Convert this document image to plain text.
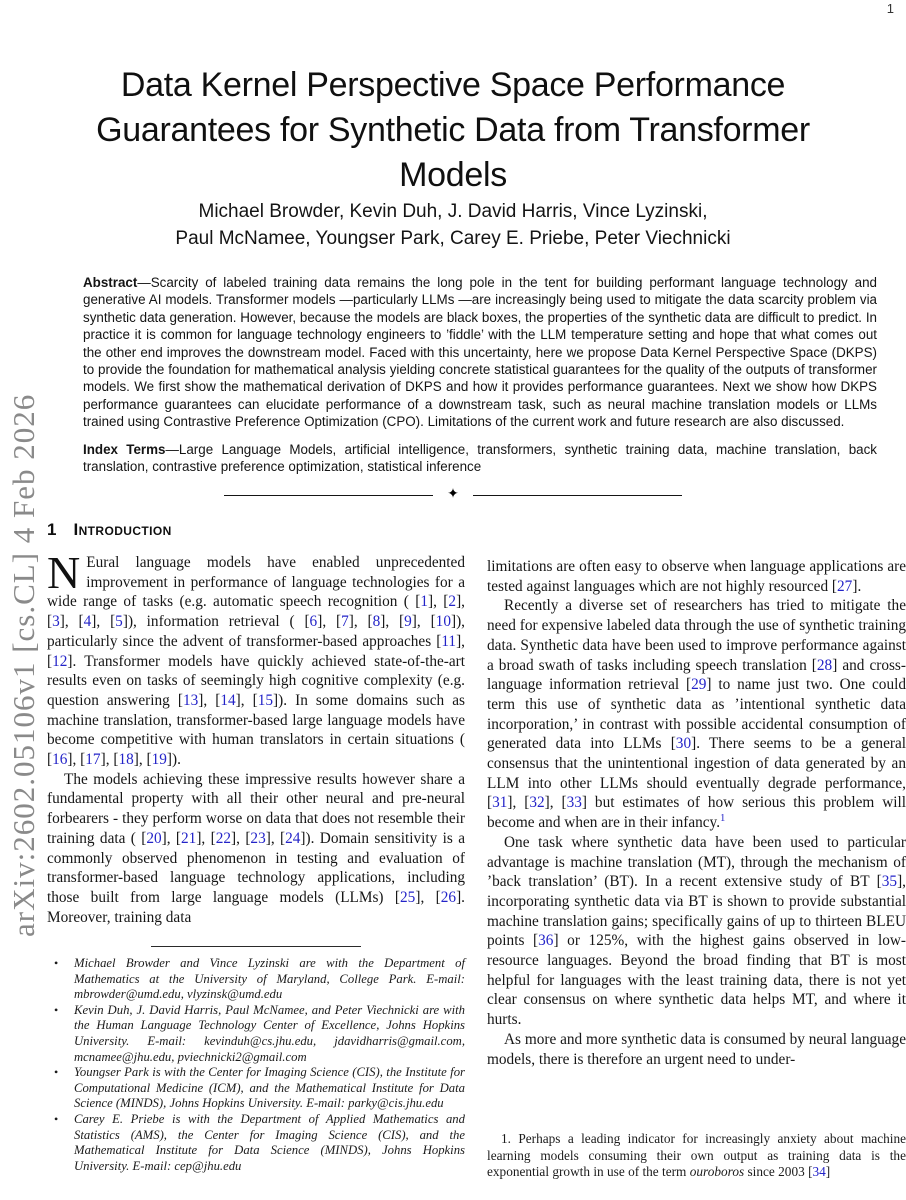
1
arXiv:2602.05106v1 [cs.CL] 4 Feb 2026
Data Kernel Perspective Space Performance Guarantees for Synthetic Data from Transformer Models
Michael Browder, Kevin Duh, J. David Harris, Vince Lyzinski,
Paul McNamee, Youngser Park, Carey E. Priebe, Peter Viechnicki
Abstract—Scarcity of labeled training data remains the long pole in the tent for building performant language technology and generative AI models. Transformer models —particularly LLMs —are increasingly being used to mitigate the data scarcity problem via synthetic data generation. However, because the models are black boxes, the properties of the synthetic data are difficult to predict. In practice it is common for language technology engineers to ’fiddle’ with the LLM temperature setting and hope that what comes out the other end improves the downstream model. Faced with this uncertainty, here we propose Data Kernel Perspective Space (DKPS) to provide the foundation for mathematical analysis yielding concrete statistical guarantees for the quality of the outputs of transformer models. We first show the mathematical derivation of DKPS and how it provides performance guarantees. Next we show how DKPS performance guarantees can elucidate performance of a downstream task, such as neural machine translation models or LLMs trained using Contrastive Preference Optimization (CPO). Limitations of the current work and future research are also discussed.
Index Terms—Large Language Models, artificial intelligence, transformers, synthetic training data, machine translation, back translation, contrastive preference optimization, statistical inference
✦
1 Introduction

N Eural language models have enabled unprecedented improvement in performance of language technologies for a wide range of tasks (e.g. automatic speech recognition ( [1], [2], [3], [4], [5]), information retrieval ( [6], [7], [8], [9], [10]), particularly since the advent of transformer-based approaches [11], [12]. Transformer models have quickly achieved state-of-the-art results even on tasks of seemingly high cognitive complexity (e.g. question answering [13], [14], [15]). In some domains such as machine translation, transformer-based large language models have become competitive with human translators in certain situations ( [16], [17], [18], [19]).

The models achieving these impressive results however share a fundamental property with all their other neural and pre-neural forbearers - they perform worse on data that does not resemble their training data ( [20], [21], [22], [23], [24]). Domain sensitivity is a commonly observed phenomenon in testing and evaluation of transformer-based language technology applications, including those built from large language models (LLMs) [25], [26]. Moreover, training data

limitations are often easy to observe when language applications are tested against languages which are not highly resourced [27].

Recently a diverse set of researchers has tried to mitigate the need for expensive labeled data through the use of synthetic training data. Synthetic data have been used to improve performance against a broad swath of tasks including speech translation [28] and cross-language information retrieval [29] to name just two. One could term this use of synthetic data as ’intentional synthetic data incorporation,’ in contrast with possible accidental consumption of generated data into LLMs [30]. There seems to be a general consensus that the unintentional ingestion of data generated by an LLM into other LLMs should eventually degrade performance, [31], [32], [33] but estimates of how serious this problem will become and when are in their infancy.$^1$

One task where synthetic data have been used to particular advantage is machine translation (MT), through the mechanism of ’back translation’ (BT). In a recent extensive study of BT [35], incorporating synthetic data via BT is shown to provide substantial machine translation gains; specifically gains of up to thirteen BLEU points [36] or 125%, with the highest gains observed in low-resource languages. Beyond the broad finding that BT is most helpful for languages with the least training data, there is not yet clear consensus on where synthetic data helps MT, and where it hurts.

As more and more synthetic data is consumed by neural language models, there is therefore an urgent need to under-

• Michael Browder and Vince Lyzinski are with the Department of Mathematics at the University of Maryland, College Park. E-mail: mbrowder@umd.edu, vlyzinsk@umd.edu
• Kevin Duh, J. David Harris, Paul McNamee, and Peter Viechnicki are with the Human Language Technology Center of Excellence, Johns Hopkins University. E-mail: kevinduh@cs.jhu.edu, jdavidharris@gmail.com, mcnamee@jhu.edu, pviechnicki2@gmail.com
• Youngser Park is with the Center for Imaging Science (CIS), the Institute for Computational Medicine (ICM), and the Mathematical Institute for Data Science (MINDS), Johns Hopkins University. E-mail: parky@cis.jhu.edu
• Carey E. Priebe is with the Department of Applied Mathematics and Statistics (AMS), the Center for Imaging Science (CIS), and the Mathematical Institute for Data Science (MINDS), Johns Hopkins University. E-mail: cep@jhu.edu
1. Perhaps a leading indicator for increasingly anxiety about machine learning models consuming their own output as training data is the exponential growth in use of the term ouroboros since 2003 [34]
